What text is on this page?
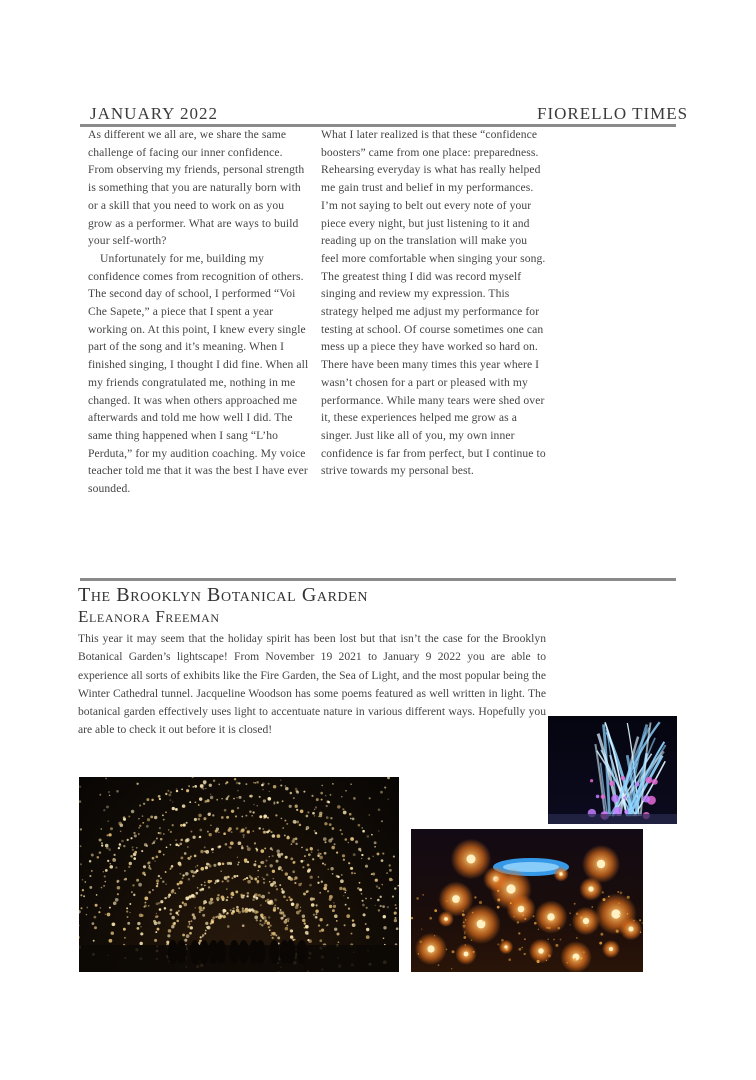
JANUARY 2022	FIORELLO TIMES

As different we all are, we share the same challenge of facing our inner confidence. From observing my friends, personal strength is something that you are naturally born with or a skill that you need to work on as you grow as a performer. What are ways to build your self-worth?

Unfortunately for me, building my confidence comes from recognition of others. The second day of school, I performed “Voi Che Sapete,” a piece that I spent a year working on. At this point, I knew every single part of the song and it’s meaning. When I finished singing, I thought I did fine. When all my friends congratulated me, nothing in me changed. It was when others approached me afterwards and told me how well I did. The same thing happened when I sang “L’ho Perduta,” for my audition coaching. My voice teacher told me that it was the best I have ever sounded.

What I later realized is that these “confidence boosters” came from one place: preparedness. Rehearsing everyday is what has really helped me gain trust and belief in my performances. I’m not saying to belt out every note of your piece every night, but just listening to it and reading up on the translation will make you feel more comfortable when singing your song. The greatest thing I did was record myself singing and review my expression. This strategy helped me adjust my performance for testing at school. Of course sometimes one can mess up a piece they have worked so hard on. There have been many times this year where I wasn’t chosen for a part or pleased with my performance. While many tears were shed over it, these experiences helped me grow as a singer. Just like all of you, my own inner confidence is far from perfect, but I continue to strive towards my personal best.

The Brooklyn Botanical Garden
Eleanora Freeman

This year it may seem that the holiday spirit has been lost but that isn’t the case for the Brooklyn Botanical Garden’s lightscape! From November 19 2021 to January 9 2022 you are able to experience all sorts of exhibits like the Fire Garden, the Sea of Light, and the most popular being the Winter Cathedral tunnel. Jacqueline Woodson has some poems featured as well written in light. The botanical garden effectively uses light to accentuate nature in various different ways. Hopefully you are able to check it out before it is closed!
